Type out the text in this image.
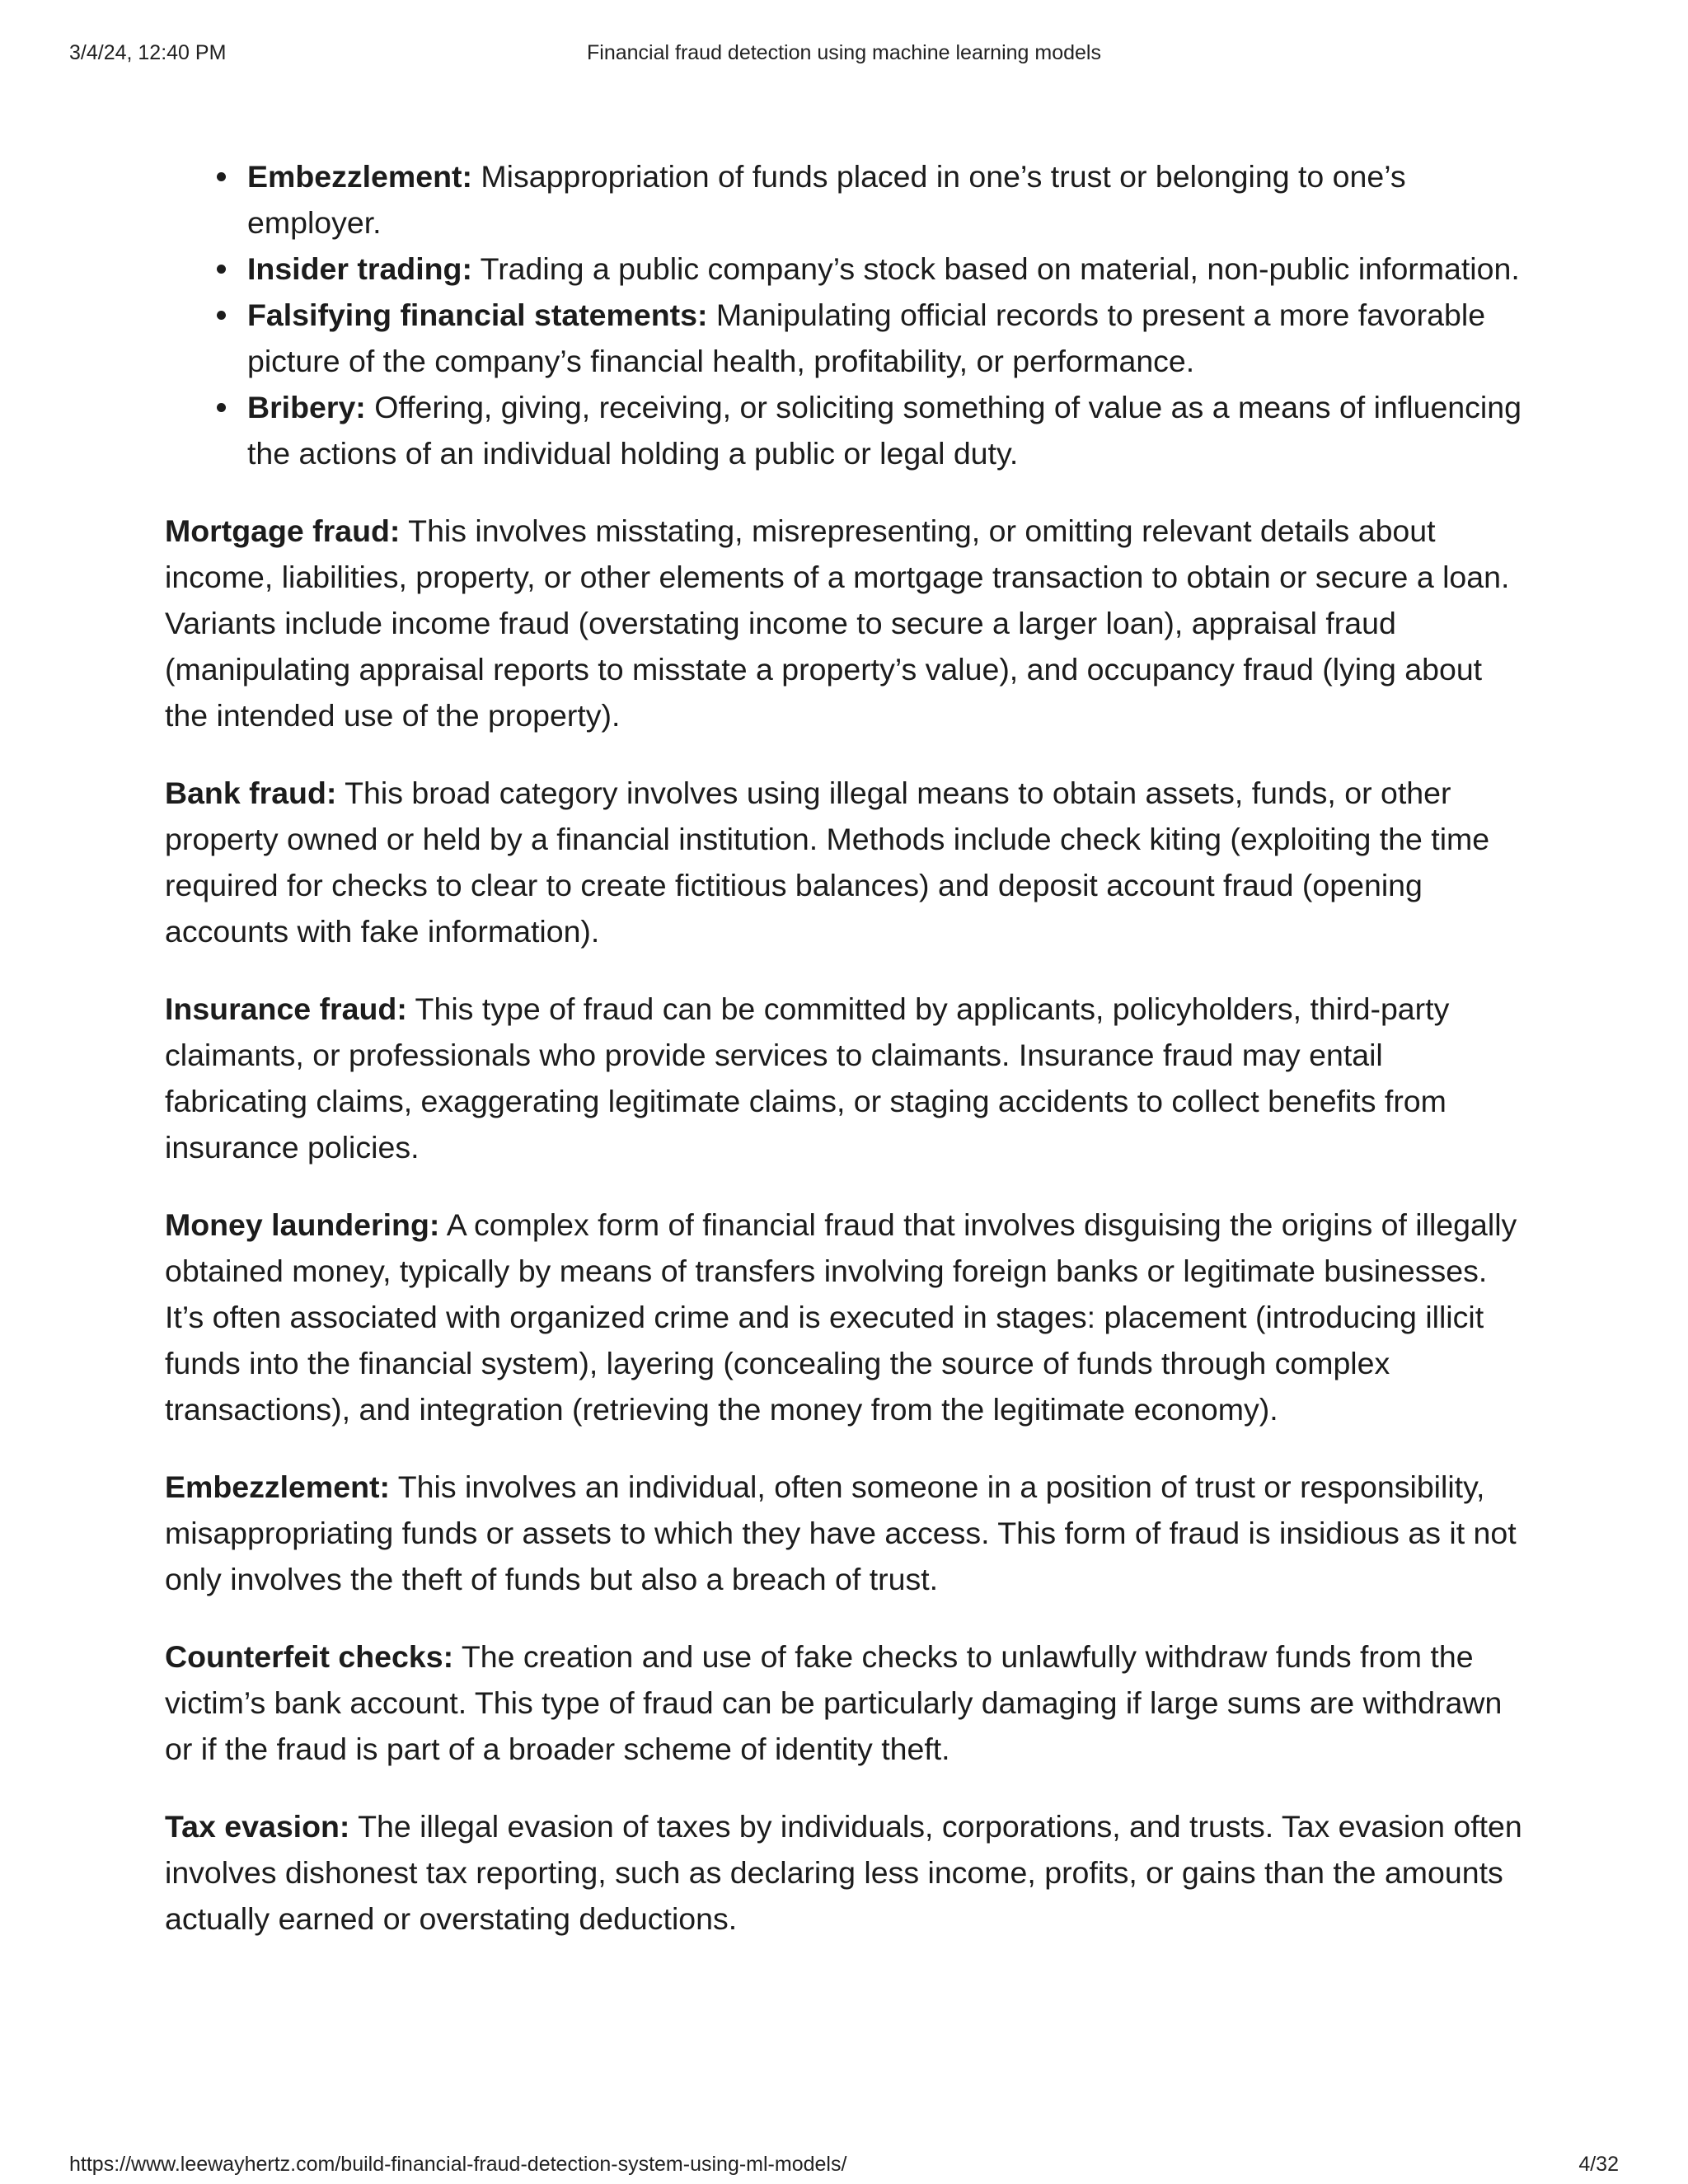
3/4/24, 12:40 PM	Financial fraud detection using machine learning models
Embezzlement: Misappropriation of funds placed in one’s trust or belonging to one’s employer.
Insider trading: Trading a public company’s stock based on material, non-public information.
Falsifying financial statements: Manipulating official records to present a more favorable picture of the company’s financial health, profitability, or performance.
Bribery: Offering, giving, receiving, or soliciting something of value as a means of influencing the actions of an individual holding a public or legal duty.

Mortgage fraud: This involves misstating, misrepresenting, or omitting relevant details about income, liabilities, property, or other elements of a mortgage transaction to obtain or secure a loan. Variants include income fraud (overstating income to secure a larger loan), appraisal fraud (manipulating appraisal reports to misstate a property’s value), and occupancy fraud (lying about the intended use of the property).

Bank fraud: This broad category involves using illegal means to obtain assets, funds, or other property owned or held by a financial institution. Methods include check kiting (exploiting the time required for checks to clear to create fictitious balances) and deposit account fraud (opening accounts with fake information).

Insurance fraud: This type of fraud can be committed by applicants, policyholders, third-party claimants, or professionals who provide services to claimants. Insurance fraud may entail fabricating claims, exaggerating legitimate claims, or staging accidents to collect benefits from insurance policies.

Money laundering: A complex form of financial fraud that involves disguising the origins of illegally obtained money, typically by means of transfers involving foreign banks or legitimate businesses. It’s often associated with organized crime and is executed in stages: placement (introducing illicit funds into the financial system), layering (concealing the source of funds through complex transactions), and integration (retrieving the money from the legitimate economy).

Embezzlement: This involves an individual, often someone in a position of trust or responsibility, misappropriating funds or assets to which they have access. This form of fraud is insidious as it not only involves the theft of funds but also a breach of trust.

Counterfeit checks: The creation and use of fake checks to unlawfully withdraw funds from the victim’s bank account. This type of fraud can be particularly damaging if large sums are withdrawn or if the fraud is part of a broader scheme of identity theft.

Tax evasion: The illegal evasion of taxes by individuals, corporations, and trusts. Tax evasion often involves dishonest tax reporting, such as declaring less income, profits, or gains than the amounts actually earned or overstating deductions.

https://www.leewayhertz.com/build-financial-fraud-detection-system-using-ml-models/	4/32
